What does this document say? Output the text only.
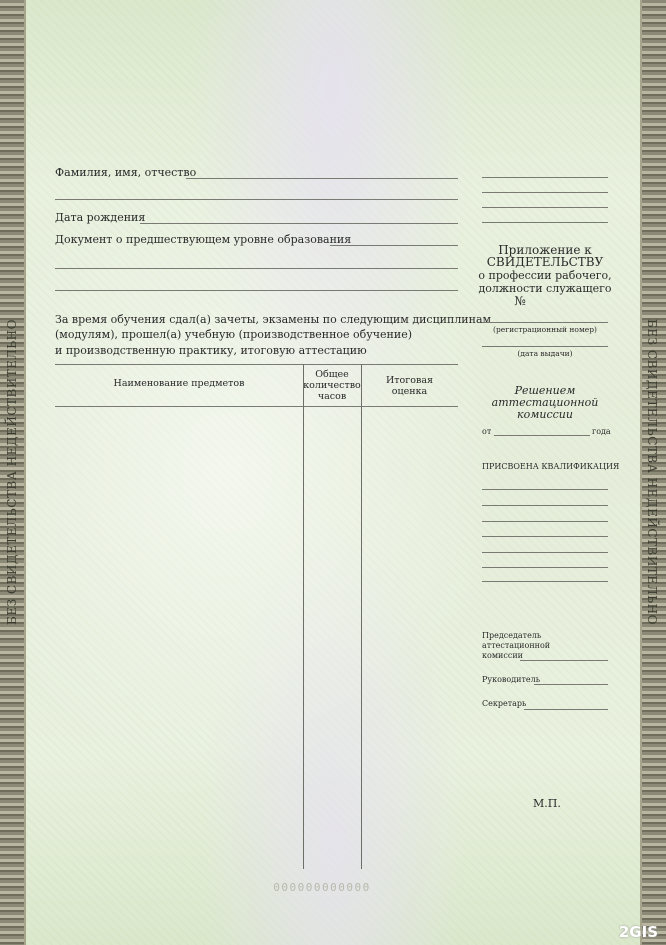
БЕЗ СВИДЕТЕЛЬСТВА НЕДЕЙСТВИТЕЛЬНО	БЕЗ СВИДЕТЕЛЬСТВА НЕДЕЙСТВИТЕЛЬНО
Фамилия, имя, отчество
Дата рождения
Документ о предшествующем уровне образования
За время обучения сдал(а) зачеты, экзамены по следующим дисциплинам
(модулям), прошел(а) учебную (производственное обучение)
и производственную практику, итоговую аттестацию
Наименование предметов
Общее
количество
часов
Итоговая
оценка
000000000000
Приложение к
СВИДЕТЕЛЬСТВУ
о профессии рабочего,
должности служащего
№
(регистрационный номер)
(дата выдачи)
Решением
аттестационной
комиссии
от	года
ПРИСВОЕНА КВАЛИФИКАЦИЯ
Председатель
аттестационной
комиссии
Руководитель
Секретарь
М.П.
2GIS
